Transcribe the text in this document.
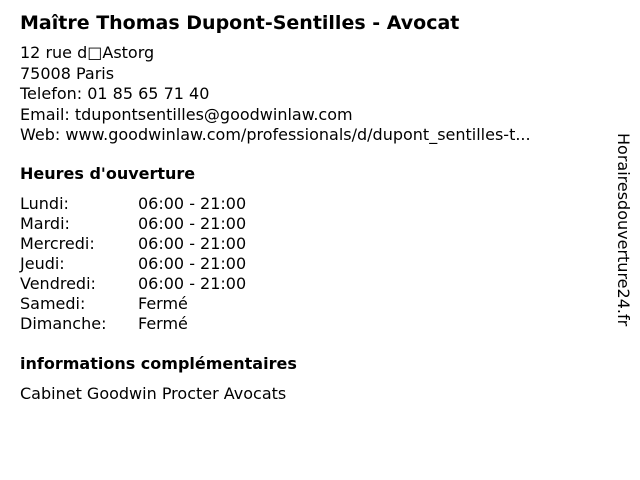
Maître Thomas Dupont-Sentilles - Avocat
12 rue d□Astorg
75008 Paris
Telefon: 01 85 65 71 40
Email: tdupontsentilles@goodwinlaw.com
Web: www.goodwinlaw.com/professionals/d/dupont_sentilles-t...
Heures d'ouverture
Lundi:	06:00 - 21:00
Mardi:	06:00 - 21:00
Mercredi:	06:00 - 21:00
Jeudi:	06:00 - 21:00
Vendredi:	06:00 - 21:00
Samedi:	Fermé
Dimanche: Fermé
informations complémentaires
Cabinet Goodwin Procter Avocats
Horairesdouverture24.fr
